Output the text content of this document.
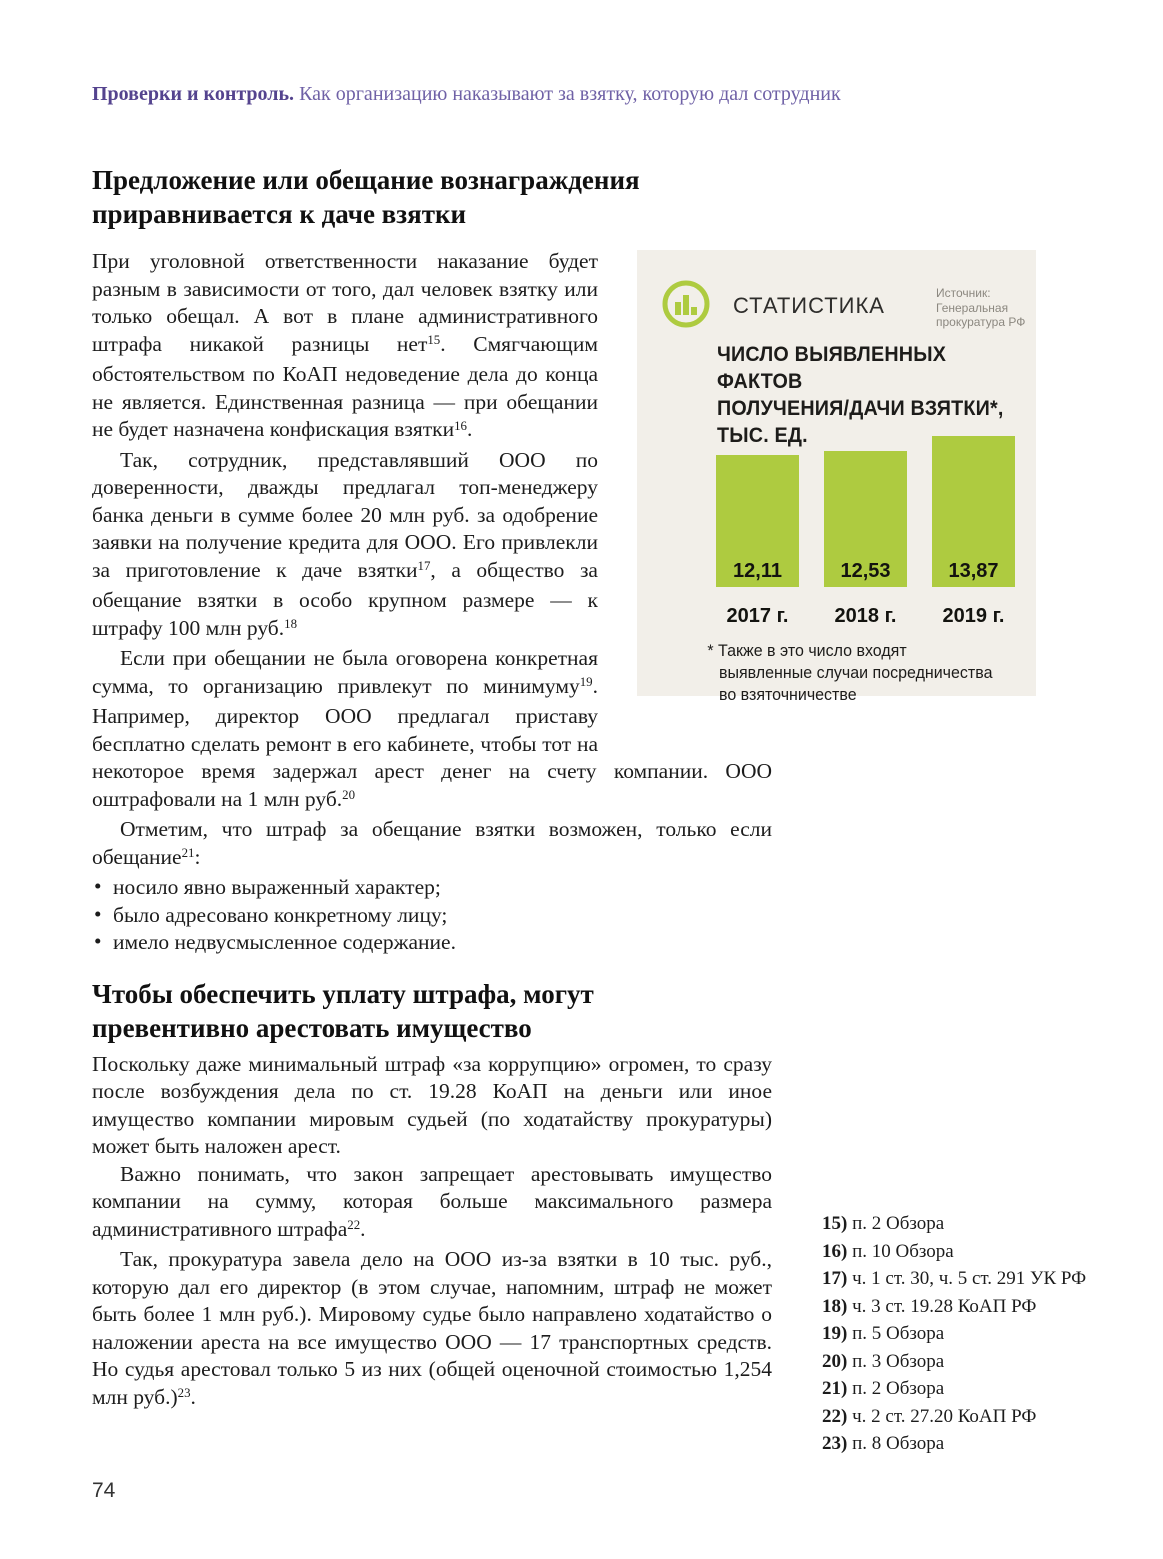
Проверки и контроль. Как организацию наказывают за взятку, которую дал сотрудник
Предложение или обещание вознаграждения
приравнивается к даче взятки
При уголовной ответственности наказание будет разным в зависимости от того, дал человек взятку или только обещал. А вот в плане административного штрафа никакой разницы нет$^{15}$. Смягчающим обстоятельством по КоАП недоведение дела до конца не является. Единственная разница — при обещании не будет назначена конфискация взятки$^{16}$.
Так, сотрудник, представлявший ООО по доверенности, дважды предлагал топ-менеджеру банка деньги в сумме более 20 млн руб. за одобрение заявки на получение кредита для ООО. Его привлекли за приготовление к даче взятки$^{17}$, а общество за обещание взятки в особо крупном размере — к штрафу 100 млн руб.$^{18}$
Если при обещании не была оговорена конкретная сумма, то организацию привлекут по минимуму$^{19}$. Например, директор ООО предлагал приставу бесплатно сделать ремонт в его кабинете, чтобы тот на некоторое время задержал арест денег на счету компании. ООО оштрафовали на 1 млн руб.$^{20}$
Отметим, что штраф за обещание взятки возможен, только если обещание$^{21}$:
• носило явно выраженный характер;
• было адресовано конкретному лицу;
• имело недвусмысленное содержание.
Чтобы обеспечить уплату штрафа, могут
превентивно арестовать имущество
Поскольку даже минимальный штраф «за коррупцию» огромен, то сразу после возбуждения дела по ст. 19.28 КоАП на деньги или иное имущество компании мировым судьей (по ходатайству прокуратуры) может быть наложен арест.
Важно понимать, что закон запрещает арестовывать имущество компании на сумму, которая больше максимального размера административного штрафа$^{22}$.
Так, прокуратура завела дело на ООО из-за взятки в 10 тыс. руб., которую дал его директор (в этом случае, напомним, штраф не может быть более 1 млн руб.). Мировому судье было направлено ходатайство о наложении ареста на все имущество ООО — 17 транспортных средств. Но судья арестовал только 5 из них (общей оценочной стоимостью 1,254 млн руб.)$^{23}$.
СТАТИСТИКА	Источник:
Генеральная
прокуратура РФ
ЧИСЛО ВЫЯВЛЕННЫХ ФАКТОВ
ПОЛУЧЕНИЯ/ДАЧИ ВЗЯТКИ*,
ТЫС. ЕД.
12,11
2017 г.
12,53
2018 г.
13,87
2019 г.
* Также в это число входят выявленные случаи посредничества во взяточничестве
15) п. 2 Обзора
16) п. 10 Обзора
17) ч. 1 ст. 30, ч. 5 ст. 291 УК РФ
18) ч. 3 ст. 19.28 КоАП РФ
19) п. 5 Обзора
20) п. 3 Обзора
21) п. 2 Обзора
22) ч. 2 ст. 27.20 КоАП РФ
23) п. 8 Обзора
74
